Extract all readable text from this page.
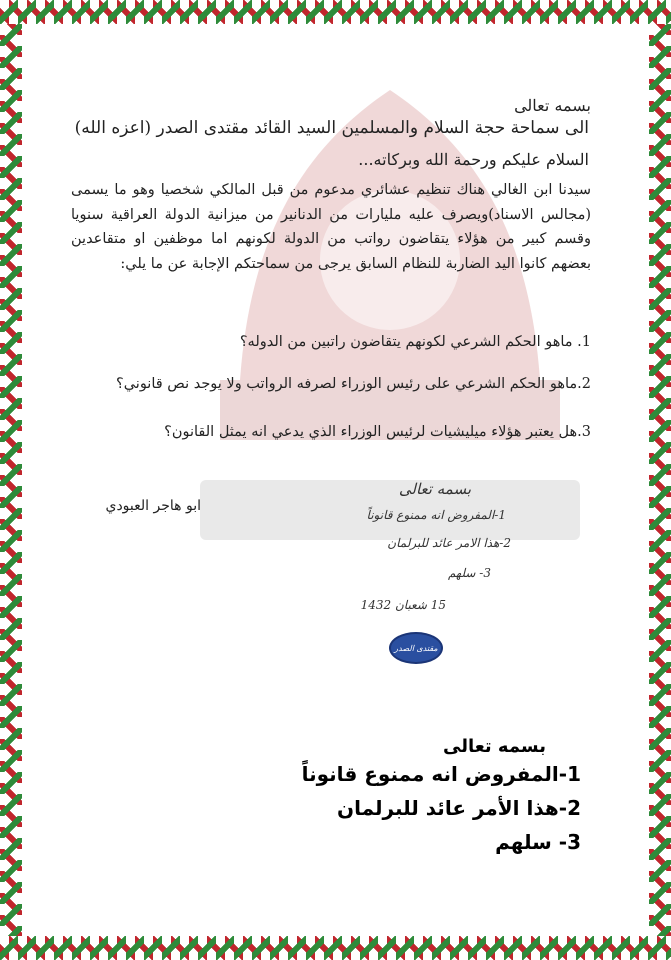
بسمه تعالى
الى سماحة حجة السلام والمسلمين السيد القائد مقتدى الصدر (اعزه الله)
السلام عليكم ورحمة الله وبركاته...
سيدنا ابن الغالي هناك تنظيم عشائري مدعوم من قبل المالكي شخصيا وهو ما يسمى (مجالس الاسناد)ويصرف عليه مليارات من الدنانير من ميزانية الدولة العراقية سنويا وقسم كبير من هؤلاء يتقاضون رواتب من الدولة لكونهم اما موظفين او متقاعدين بعضهم كانوا اليد الضاربة للنظام السابق يرجى من سماحتكم الإجابة عن ما يلي:
1. ماهو الحكم الشرعي لكونهم يتقاضون راتبين من الدوله؟
2.ماهو الحكم الشرعي على رئيس الوزراء لصرفه الرواتب ولا يوجد نص قانوني؟
3.هل يعتبر هؤلاء ميليشيات لرئيس الوزراء الذي يدعي انه يمثل القانون؟
ابو هاجر العبودي
بسمه تعالى
1-المفروض انه ممنوع قانوناً
2-هذا الامر عائد للبرلمان
3- سلهم
15 شعبان 1432
مقتدى الصدر
بسمه تعالى
1-المفروض انه ممنوع قانوناً
2-هذا الأمر عائد للبرلمان
3- سلهم
